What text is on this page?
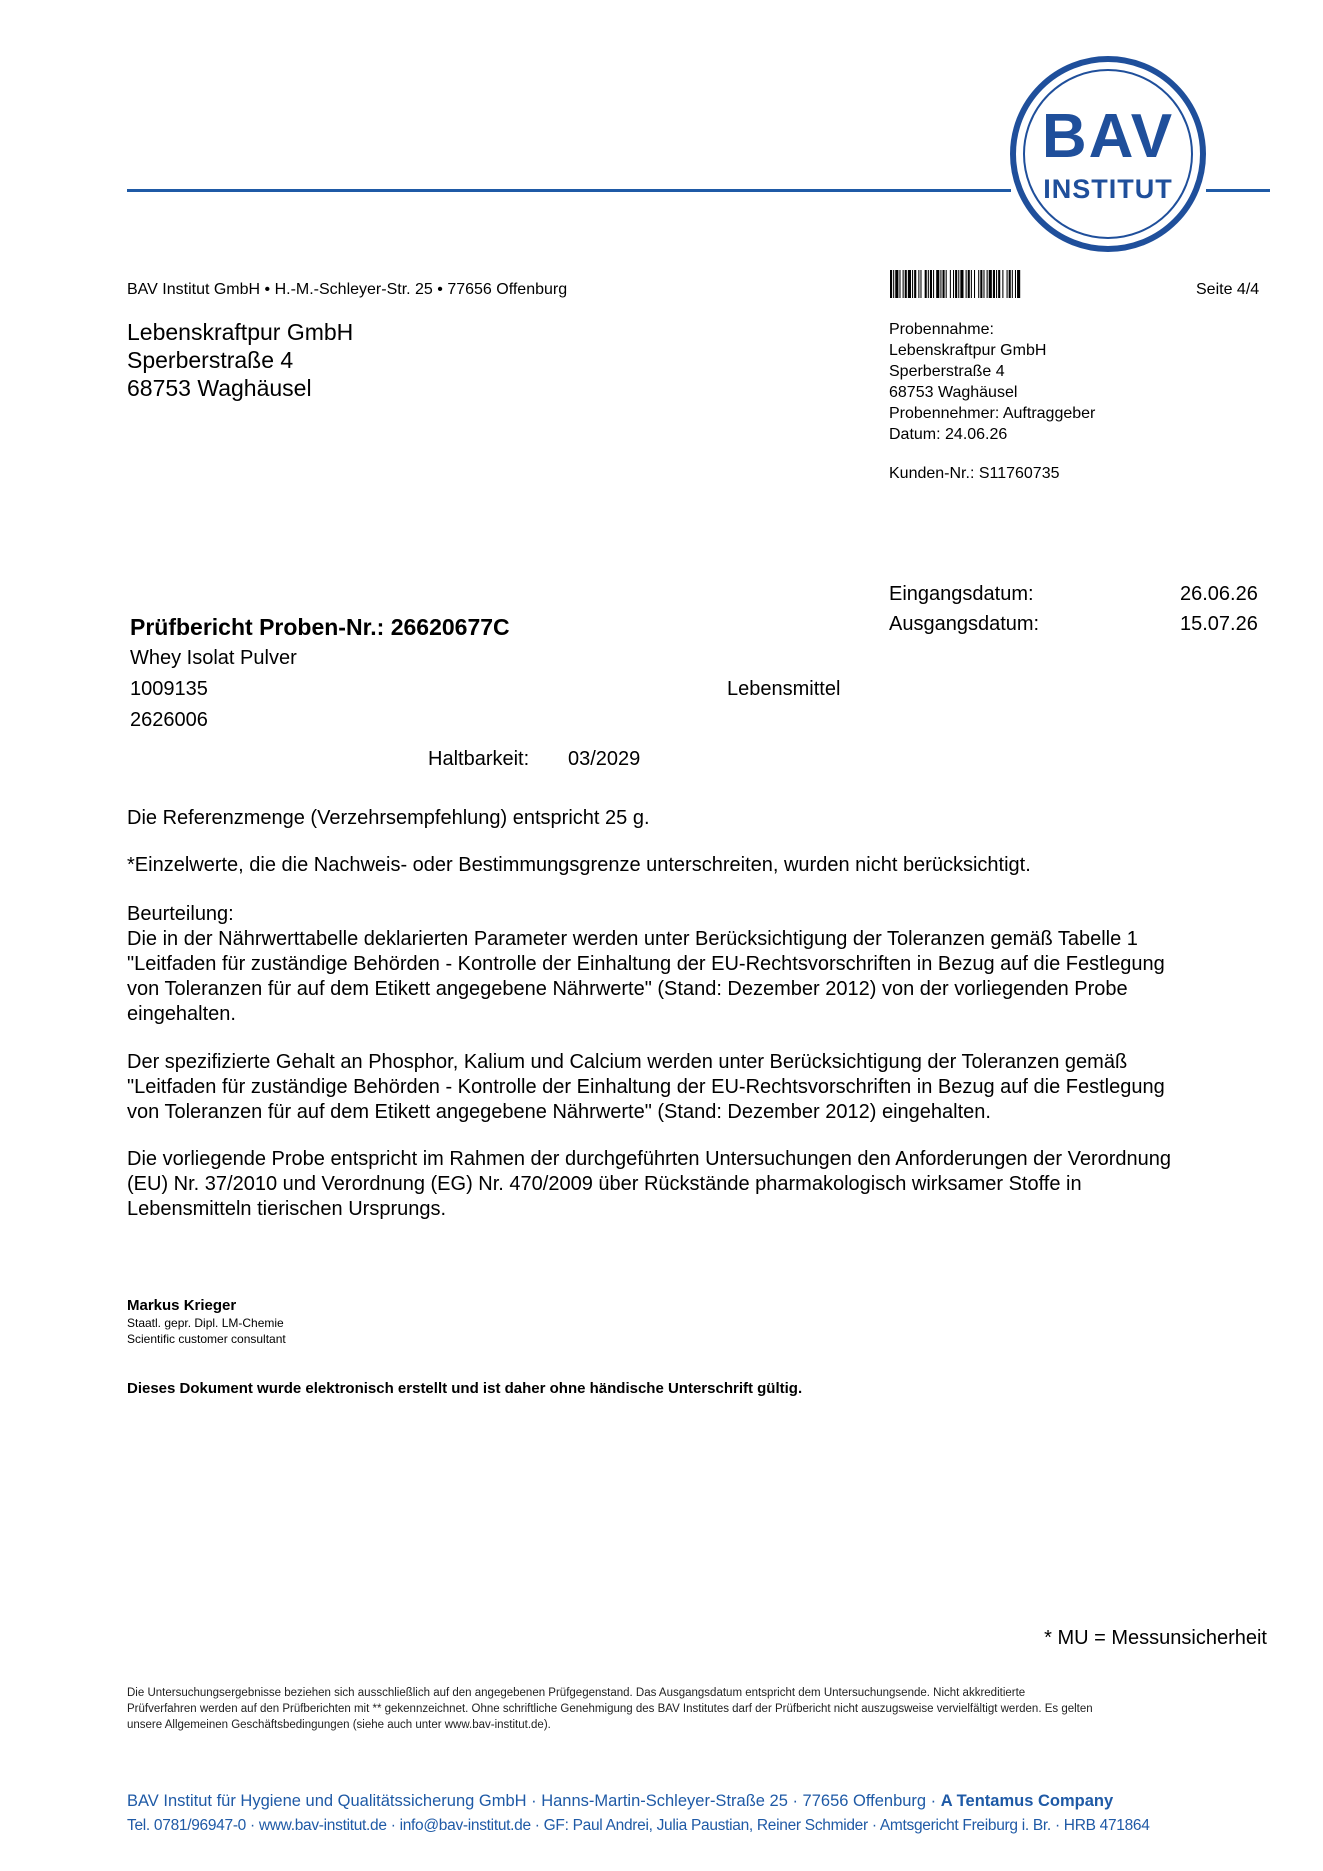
BAV
INSTITUT
BAV Institut GmbH • H.-M.-Schleyer-Str. 25 • 77656 Offenburg	Seite 4/4
Lebenskraftpur GmbH
Sperberstraße 4
68753 Waghäusel
Probennahme:
Lebenskraftpur GmbH
Sperberstraße 4
68753 Waghäusel
Probennehmer: Auftraggeber
Datum: 24.06.26
Kunden-Nr.: S11760735
Eingangsdatum:	26.06.26
Ausgangsdatum:	15.07.26
Prüfbericht Proben-Nr.: 26620677C
Whey Isolat Pulver
1009135	Lebensmittel
2626006
Haltbarkeit: 03/2029
Die Referenzmenge (Verzehrsempfehlung) entspricht 25 g.
*Einzelwerte, die die Nachweis- oder Bestimmungsgrenze unterschreiten, wurden nicht berücksichtigt.
Beurteilung:
Die in der Nährwerttabelle deklarierten Parameter werden unter Berücksichtigung der Toleranzen gemäß Tabelle 1
"Leitfaden für zuständige Behörden - Kontrolle der Einhaltung der EU-Rechtsvorschriften in Bezug auf die Festlegung
von Toleranzen für auf dem Etikett angegebene Nährwerte" (Stand: Dezember 2012) von der vorliegenden Probe
eingehalten.
Der spezifizierte Gehalt an Phosphor, Kalium und Calcium werden unter Berücksichtigung der Toleranzen gemäß
"Leitfaden für zuständige Behörden - Kontrolle der Einhaltung der EU-Rechtsvorschriften in Bezug auf die Festlegung
von Toleranzen für auf dem Etikett angegebene Nährwerte" (Stand: Dezember 2012) eingehalten.
Die vorliegende Probe entspricht im Rahmen der durchgeführten Untersuchungen den Anforderungen der Verordnung
(EU) Nr. 37/2010 und Verordnung (EG) Nr. 470/2009 über Rückstände pharmakologisch wirksamer Stoffe in
Lebensmitteln tierischen Ursprungs.
Markus Krieger
Staatl. gepr. Dipl. LM-Chemie
Scientific customer consultant
Dieses Dokument wurde elektronisch erstellt und ist daher ohne händische Unterschrift gültig.
* MU = Messunsicherheit
Die Untersuchungsergebnisse beziehen sich ausschließlich auf den angegebenen Prüfgegenstand. Das Ausgangsdatum entspricht dem Untersuchungsende. Nicht akkreditierte
Prüfverfahren werden auf den Prüfberichten mit ** gekennzeichnet. Ohne schriftliche Genehmigung des BAV Institutes darf der Prüfbericht nicht auszugsweise vervielfältigt werden. Es gelten
unsere Allgemeinen Geschäftsbedingungen (siehe auch unter www.bav-institut.de).
BAV Institut für Hygiene und Qualitätssicherung GmbH · Hanns-Martin-Schleyer-Straße 25 · 77656 Offenburg · A Tentamus Company
Tel. 0781/96947-0 · www.bav-institut.de · info@bav-institut.de · GF: Paul Andrei, Julia Paustian, Reiner Schmider · Amtsgericht Freiburg i. Br. · HRB 471864
